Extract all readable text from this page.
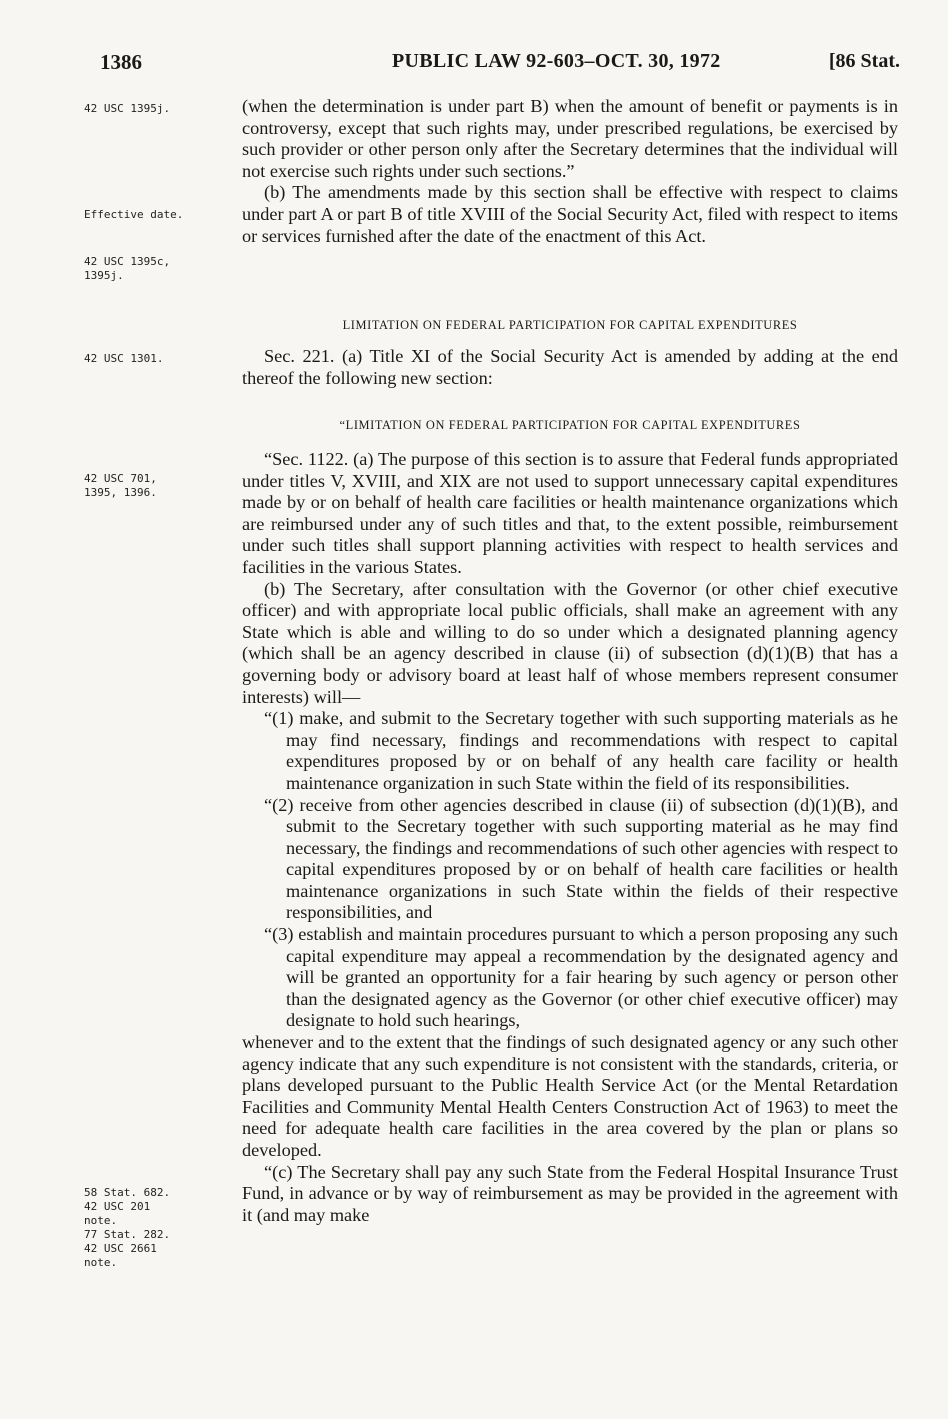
1386	PUBLIC LAW 92-603–OCT. 30, 1972	[86 Stat.
42 USC 1395j.
Effective date.
42 USC 1395c,
1395j.
42 USC 1301.
42 USC 701,
1395, 1396.
58 Stat. 682.
42 USC 201
note.
77 Stat. 282.
42 USC 2661
note.

(when the determination is under part B) when the amount of benefit or payments is in controversy, except that such rights may, under prescribed regulations, be exercised by such provider or other person only after the Secretary determines that the individual will not exercise such rights under such sections.”

(b) The amendments made by this section shall be effective with respect to claims under part A or part B of title XVIII of the Social Security Act, filed with respect to items or services furnished after the date of the enactment of this Act.

LIMITATION ON FEDERAL PARTICIPATION FOR CAPITAL EXPENDITURES

Sec. 221. (a) Title XI of the Social Security Act is amended by adding at the end thereof the following new section:

“LIMITATION ON FEDERAL PARTICIPATION FOR CAPITAL EXPENDITURES

“Sec. 1122. (a) The purpose of this section is to assure that Federal funds appropriated under titles V, XVIII, and XIX are not used to support unnecessary capital expenditures made by or on behalf of health care facilities or health maintenance organizations which are reimbursed under any of such titles and that, to the extent possible, reimbursement under such titles shall support planning activities with respect to health services and facilities in the various States.

(b) The Secretary, after consultation with the Governor (or other chief executive officer) and with appropriate local public officials, shall make an agreement with any State which is able and willing to do so under which a designated planning agency (which shall be an agency described in clause (ii) of subsection (d)(1)(B) that has a governing body or advisory board at least half of whose members represent consumer interests) will—

“(1) make, and submit to the Secretary together with such supporting materials as he may find necessary, findings and recommendations with respect to capital expenditures proposed by or on behalf of any health care facility or health maintenance organization in such State within the field of its responsibilities.

“(2) receive from other agencies described in clause (ii) of subsection (d)(1)(B), and submit to the Secretary together with such supporting material as he may find necessary, the findings and recommendations of such other agencies with respect to capital expenditures proposed by or on behalf of health care facilities or health maintenance organizations in such State within the fields of their respective responsibilities, and

“(3) establish and maintain procedures pursuant to which a person proposing any such capital expenditure may appeal a recommendation by the designated agency and will be granted an opportunity for a fair hearing by such agency or person other than the designated agency as the Governor (or other chief executive officer) may designate to hold such hearings,

whenever and to the extent that the findings of such designated agency or any such other agency indicate that any such expenditure is not consistent with the standards, criteria, or plans developed pursuant to the Public Health Service Act (or the Mental Retardation Facilities and Community Mental Health Centers Construction Act of 1963) to meet the need for adequate health care facilities in the area covered by the plan or plans so developed.

“(c) The Secretary shall pay any such State from the Federal Hospital Insurance Trust Fund, in advance or by way of reimbursement as may be provided in the agreement with it (and may make
